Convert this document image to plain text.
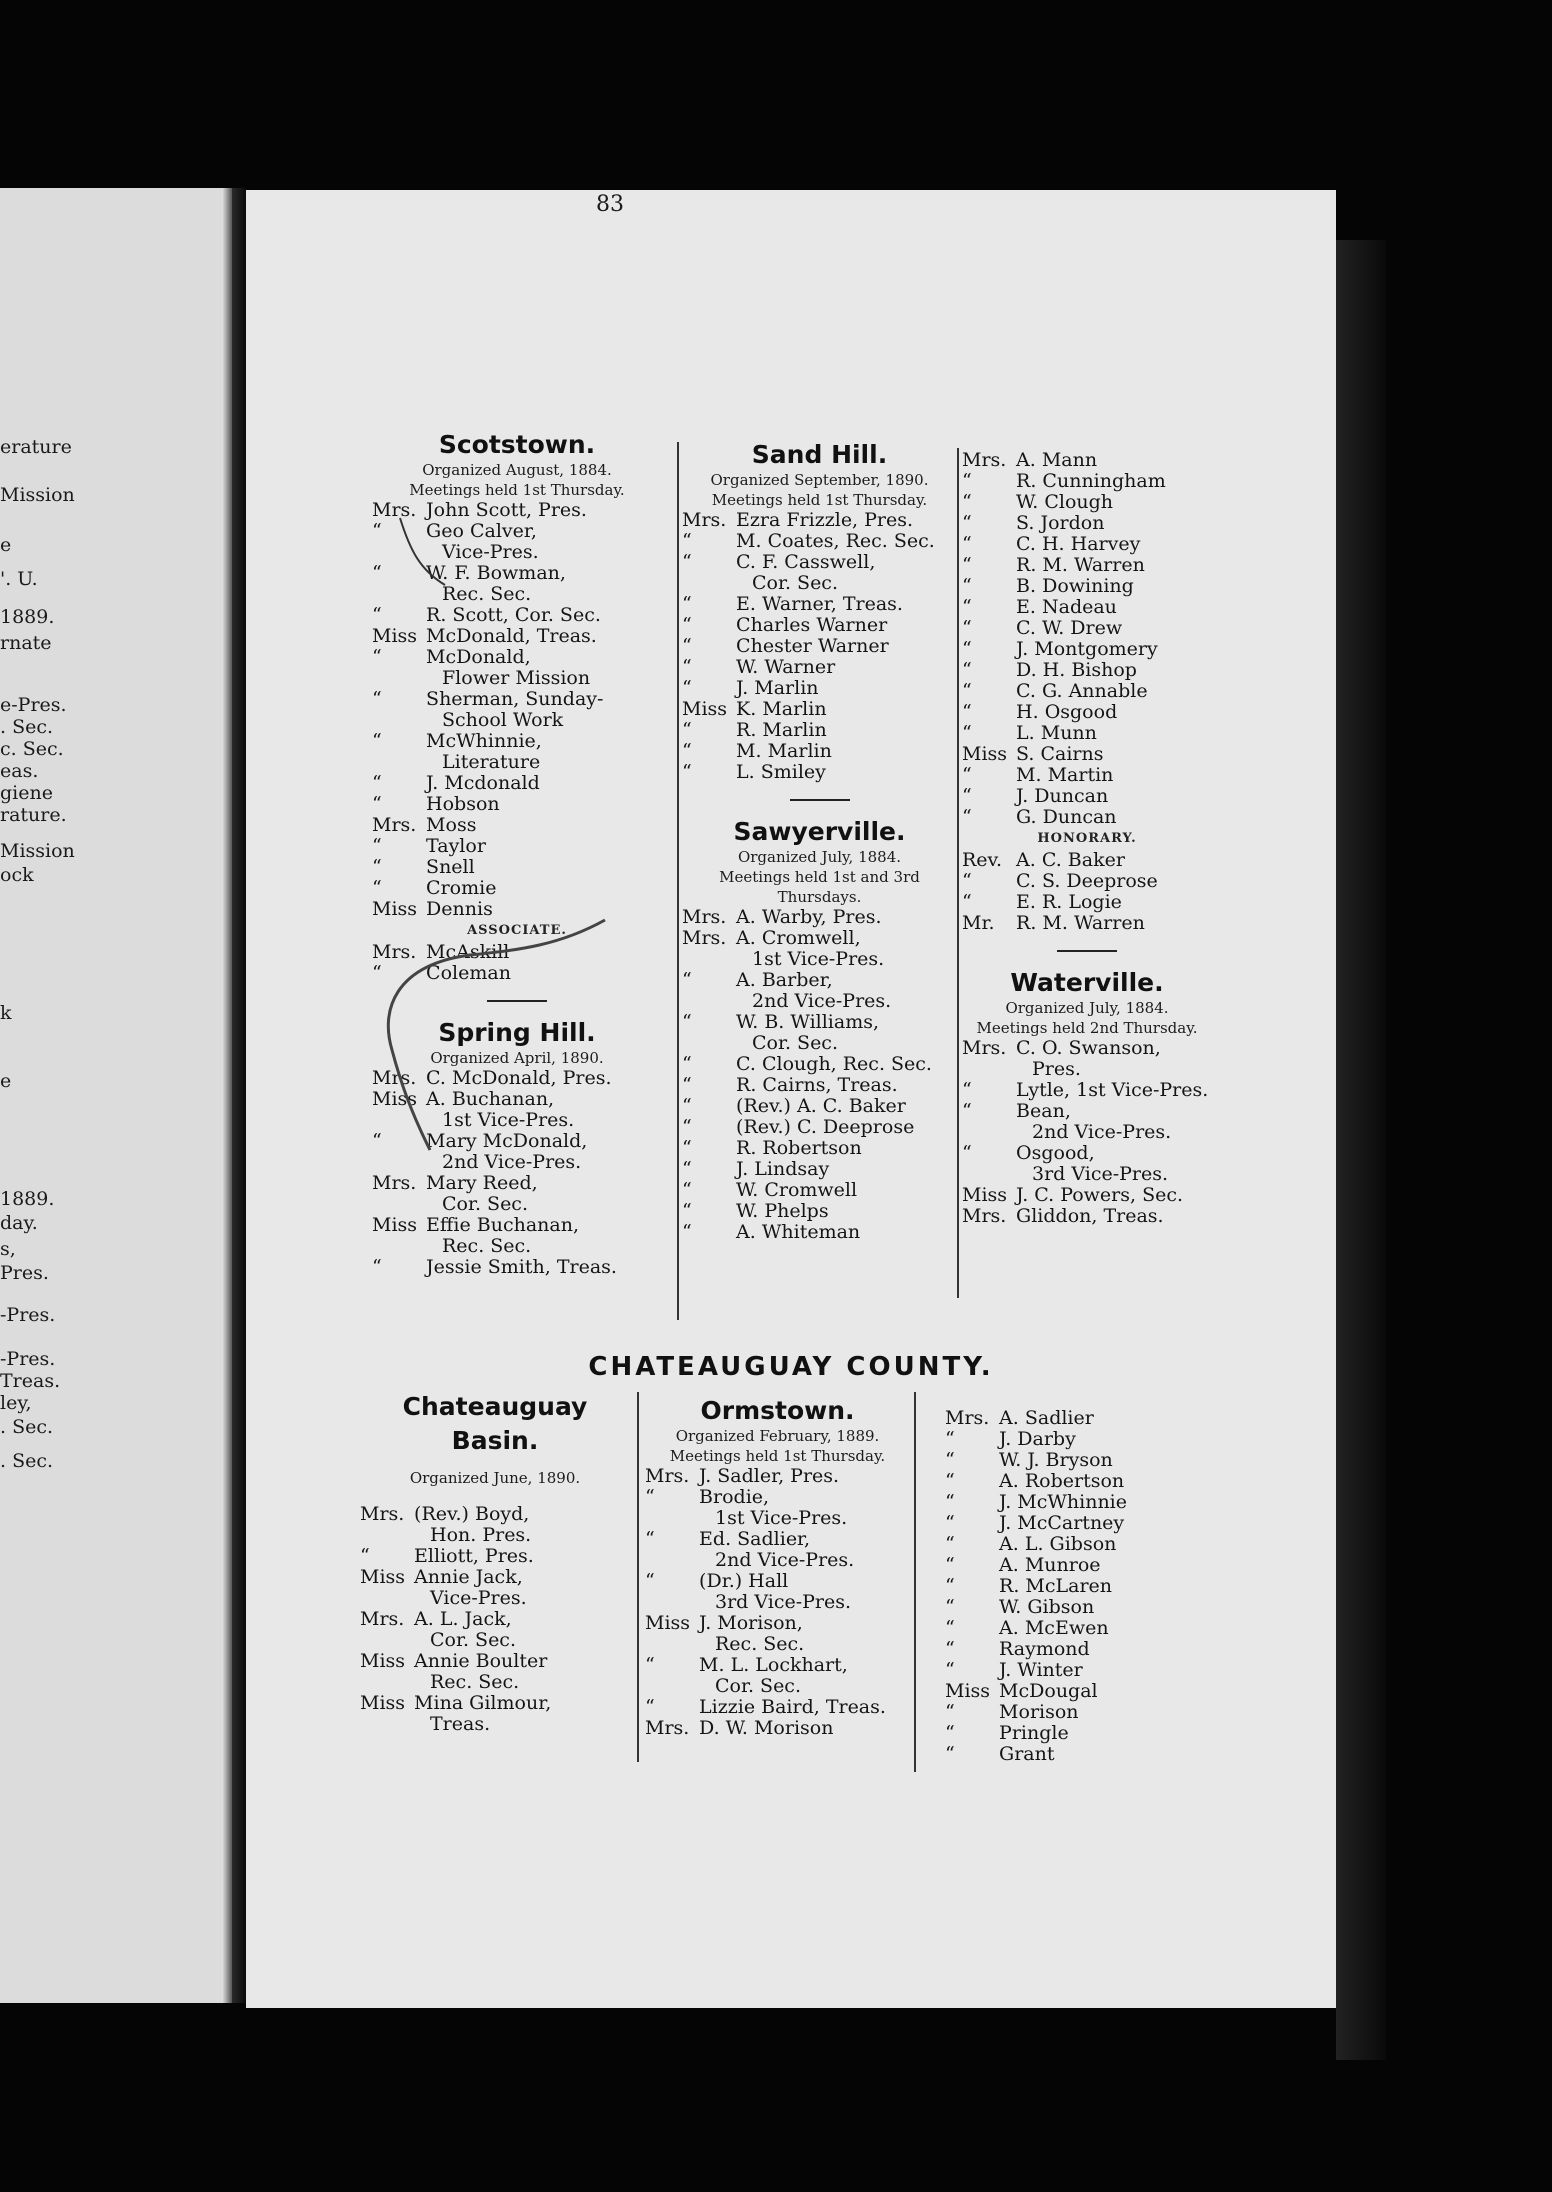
erature
Mission
e
'. U.
1889.
rnate
e-Pres.
. Sec.
c. Sec.
eas.
giene
rature.
Mission
ock
k
e
1889.
day.
s,
Pres.
-Pres.
-Pres.
Treas.
ley,
. Sec.
. Sec.
83
Scotstown.
Organized August, 1884.
Meetings held 1st Thursday.
Mrs. John Scott, Pres.
“ Geo Calver,
Vice-Pres.
“ W. F. Bowman,
Rec. Sec.
“ R. Scott, Cor. Sec.
Miss McDonald, Treas.
“ McDonald,
Flower Mission
“ Sherman, Sunday-
School Work
“ McWhinnie,
Literature
“ J. Mcdonald
“ Hobson
Mrs. Moss
“ Taylor
“ Snell
“ Cromie
Miss Dennis
ASSOCIATE.
Mrs. McAskill
“ Coleman
Spring Hill.
Organized April, 1890.
Mrs. C. McDonald, Pres.
Miss A. Buchanan,
1st Vice-Pres.
“ Mary McDonald,
2nd Vice-Pres.
Mrs. Mary Reed,
Cor. Sec.
Miss Effie Buchanan,
Rec. Sec.
“ Jessie Smith, Treas.
Sand Hill.
Organized September, 1890.
Meetings held 1st Thursday.
Mrs. Ezra Frizzle, Pres.
“ M. Coates, Rec. Sec.
“ C. F. Casswell,
Cor. Sec.
“ E. Warner, Treas.
“ Charles Warner
“ Chester Warner
“ W. Warner
“ J. Marlin
Miss K. Marlin
“ R. Marlin
“ M. Marlin
“ L. Smiley
Sawyerville.
Organized July, 1884.
Meetings held 1st and 3rd Thursdays.
Mrs. A. Warby, Pres.
Mrs. A. Cromwell,
1st Vice-Pres.
“ A. Barber,
2nd Vice-Pres.
“ W. B. Williams,
Cor. Sec.
“ C. Clough, Rec. Sec.
“ R. Cairns, Treas.
“ (Rev.) A. C. Baker
“ (Rev.) C. Deeprose
“ R. Robertson
“ J. Lindsay
“ W. Cromwell
“ W. Phelps
“ A. Whiteman
Mrs. A. Mann
“ R. Cunningham
“ W. Clough
“ S. Jordon
“ C. H. Harvey
“ R. M. Warren
“ B. Dowining
“ E. Nadeau
“ C. W. Drew
“ J. Montgomery
“ D. H. Bishop
“ C. G. Annable
“ H. Osgood
“ L. Munn
Miss S. Cairns
“ M. Martin
“ J. Duncan
“ G. Duncan
HONORARY.
Rev. A. C. Baker
“ C. S. Deeprose
“ E. R. Logie
Mr. R. M. Warren
Waterville.
Organized July, 1884.
Meetings held 2nd Thursday.
Mrs. C. O. Swanson,
Pres.
“ Lytle, 1st Vice-Pres.
“ Bean,
2nd Vice-Pres.
“ Osgood,
3rd Vice-Pres.
Miss J. C. Powers, Sec.
Mrs. Gliddon, Treas.
CHATEAUGUAY COUNTY.
Chateauguay
Basin.
Organized June, 1890.
Mrs. (Rev.) Boyd,
Hon. Pres.
“ Elliott, Pres.
Miss Annie Jack,
Vice-Pres.
Mrs. A. L. Jack,
Cor. Sec.
Miss Annie Boulter
Rec. Sec.
Miss Mina Gilmour,
Treas.
Ormstown.
Organized February, 1889.
Meetings held 1st Thursday.
Mrs. J. Sadler, Pres.
“ Brodie,
1st Vice-Pres.
“ Ed. Sadlier,
2nd Vice-Pres.
“ (Dr.) Hall
3rd Vice-Pres.
Miss J. Morison,
Rec. Sec.
“ M. L. Lockhart,
Cor. Sec.
“ Lizzie Baird, Treas.
Mrs. D. W. Morison
Mrs. A. Sadlier
“ J. Darby
“ W. J. Bryson
“ A. Robertson
“ J. McWhinnie
“ J. McCartney
“ A. L. Gibson
“ A. Munroe
“ R. McLaren
“ W. Gibson
“ A. McEwen
“ Raymond
“ J. Winter
Miss McDougal
“ Morison
“ Pringle
“ Grant
